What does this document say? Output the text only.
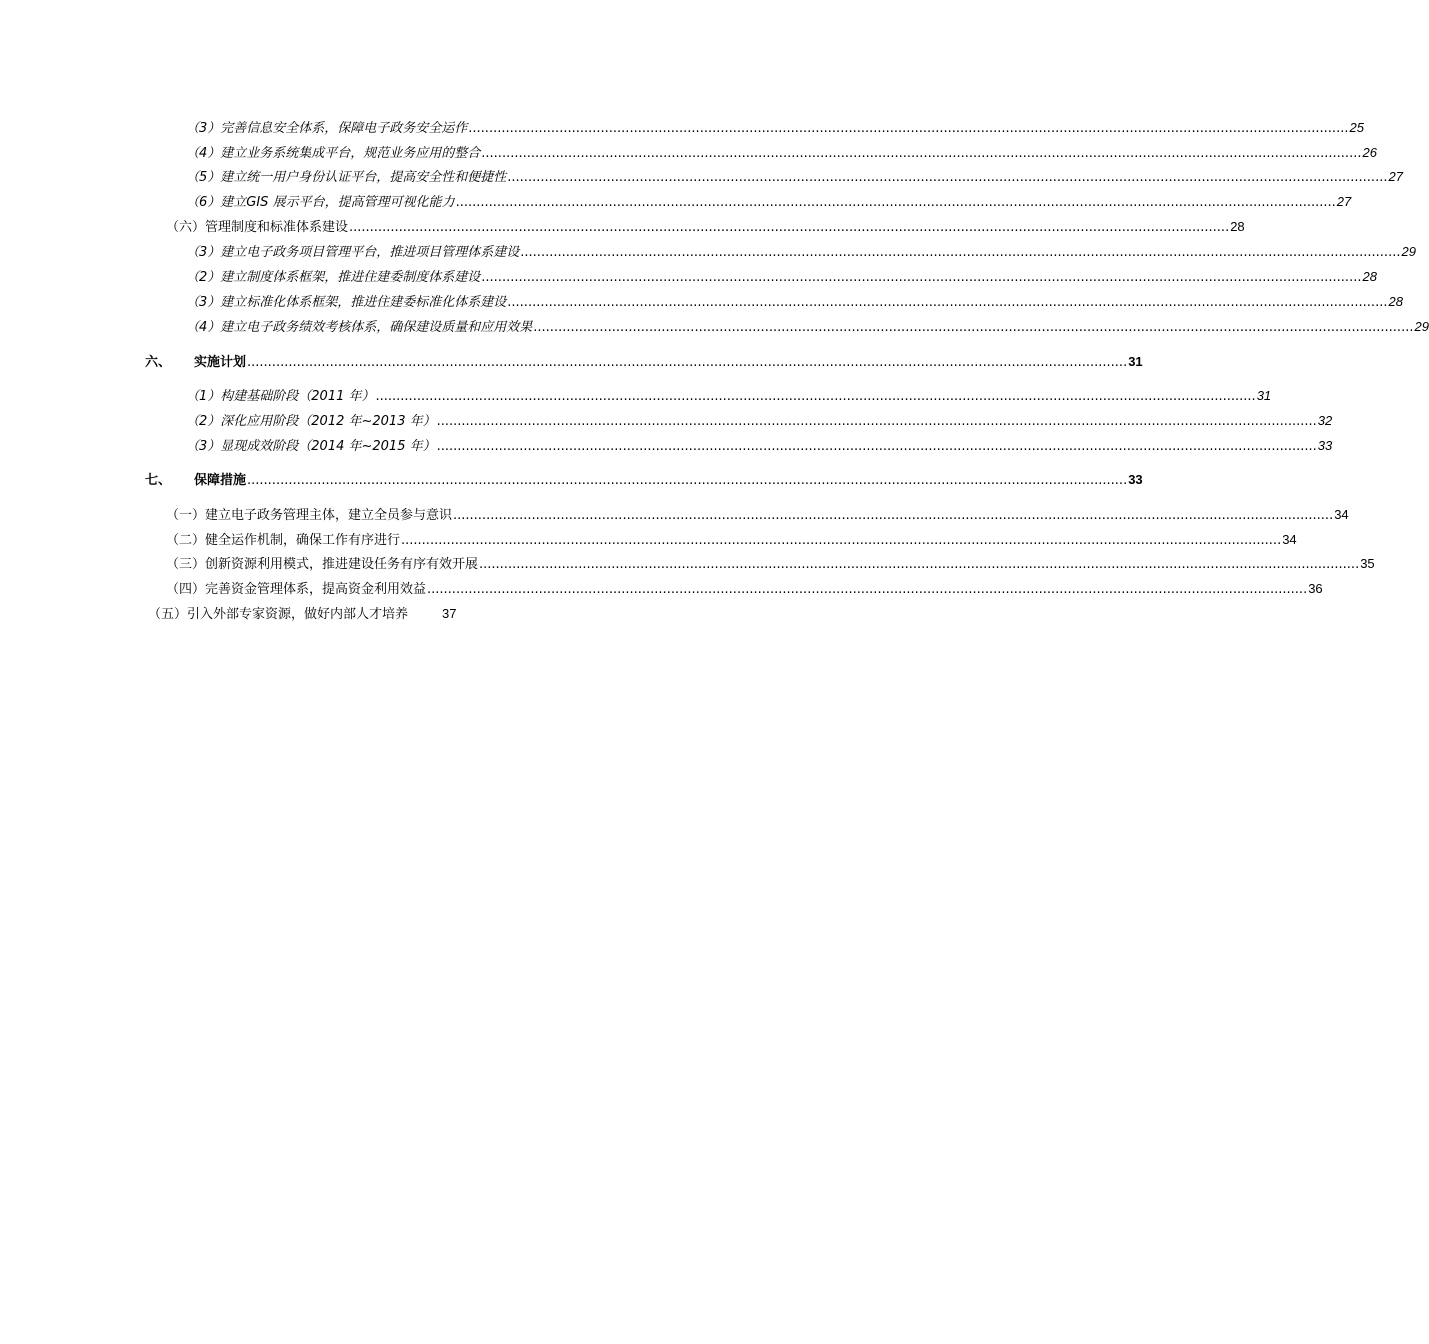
（3）完善信息安全体系，保障电子政务安全运作 ..................................................................................................................................................................................................................... 25
（4）建立业务系统集成平台，规范业务应用的整合 ..................................................................................................................................................................................................................... 26
（5）建立统一用户身份认证平台，提高安全性和便捷性 ..................................................................................................................................................................................................................... 27
（6）建立GIS 展示平台，提高管理可视化能力 ..................................................................................................................................................................................................................... 27
（六）管理制度和标准体系建设 ..................................................................................................................................................................................................................... 28
（3）建立电子政务项目管理平台，推进项目管理体系建设 ..................................................................................................................................................................................................................... 29
（2）建立制度体系框架，推进住建委制度体系建设 ..................................................................................................................................................................................................................... 28
（3）建立标准化体系框架，推进住建委标准化体系建设 ..................................................................................................................................................................................................................... 28
（4）建立电子政务绩效考核体系，确保建设质量和应用效果 ..................................................................................................................................................................................................................... 29
六、	实施计划 ..................................................................................................................................................................................................................... 31
（1）构建基础阶段（2011 年） ..................................................................................................................................................................................................................... 31
（2）深化应用阶段（2012 年~2013 年） ..................................................................................................................................................................................................................... 32
（3）显现成效阶段（2014 年~2015 年） ..................................................................................................................................................................................................................... 33
七、	保障措施 ..................................................................................................................................................................................................................... 33
（一）建立电子政务管理主体，建立全员参与意识 ..................................................................................................................................................................................................................... 34
（二）健全运作机制，确保工作有序进行 ..................................................................................................................................................................................................................... 34
（三）创新资源利用模式，推进建设任务有序有效开展 ..................................................................................................................................................................................................................... 35
（四）完善资金管理体系，提高资金利用效益 ..................................................................................................................................................................................................................... 36
（五）引入外部专家资源，做好内部人才培养	37
